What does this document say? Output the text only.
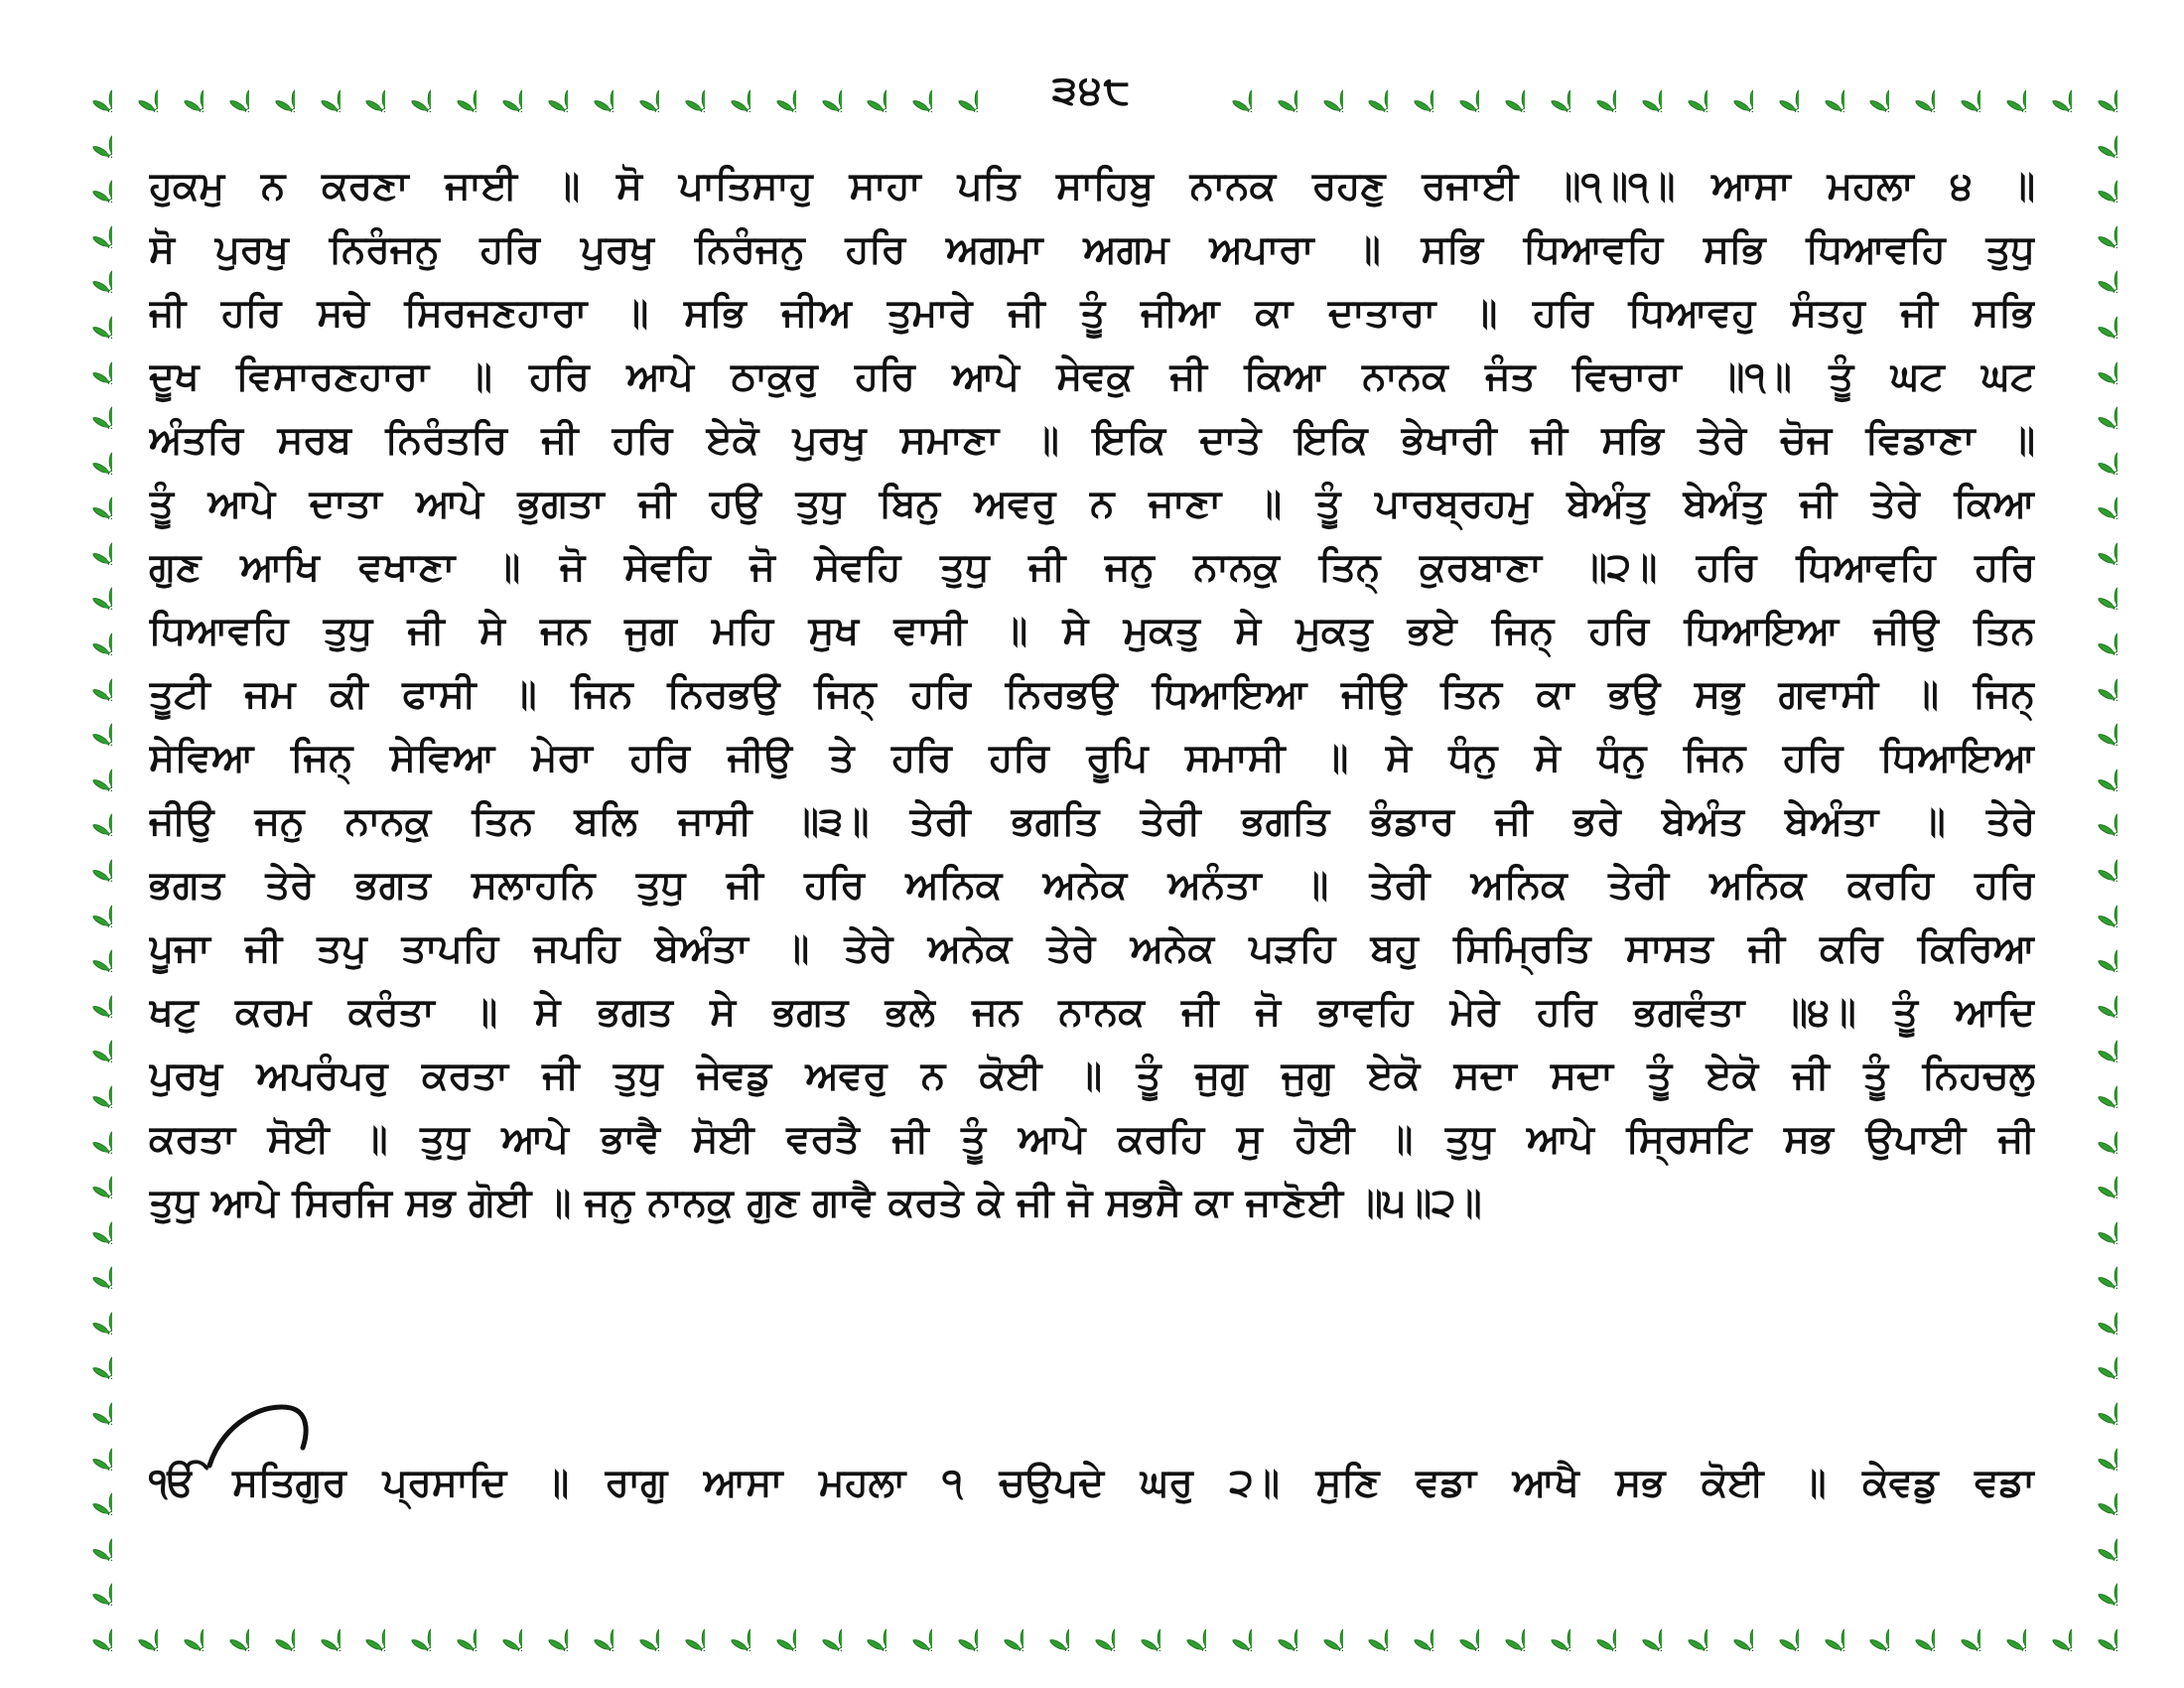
੩੪੮
ਹੁਕਮੁ ਨ ਕਰਣਾ ਜਾਈ ॥ ਸੋ ਪਾਤਿਸਾਹੁ ਸਾਹਾ ਪਤਿ ਸਾਹਿਬੁ ਨਾਨਕ ਰਹਣੁ ਰਜਾਈ ॥੧॥੧॥ ਆਸਾ ਮਹਲਾ ੪ ॥
ਸੋ ਪੁਰਖੁ ਨਿਰੰਜਨੁ ਹਰਿ ਪੁਰਖੁ ਨਿਰੰਜਨੁ ਹਰਿ ਅਗਮਾ ਅਗਮ ਅਪਾਰਾ ॥ ਸਭਿ ਧਿਆਵਹਿ ਸਭਿ ਧਿਆਵਹਿ ਤੁਧੁ
ਜੀ ਹਰਿ ਸਚੇ ਸਿਰਜਣਹਾਰਾ ॥ ਸਭਿ ਜੀਅ ਤੁਮਾਰੇ ਜੀ ਤੂੰ ਜੀਆ ਕਾ ਦਾਤਾਰਾ ॥ ਹਰਿ ਧਿਆਵਹੁ ਸੰਤਹੁ ਜੀ ਸਭਿ
ਦੂਖ ਵਿਸਾਰਣਹਾਰਾ ॥ ਹਰਿ ਆਪੇ ਠਾਕੁਰੁ ਹਰਿ ਆਪੇ ਸੇਵਕੁ ਜੀ ਕਿਆ ਨਾਨਕ ਜੰਤ ਵਿਚਾਰਾ ॥੧॥ ਤੂੰ ਘਟ ਘਟ
ਅੰਤਰਿ ਸਰਬ ਨਿਰੰਤਰਿ ਜੀ ਹਰਿ ਏਕੋ ਪੁਰਖੁ ਸਮਾਣਾ ॥ ਇਕਿ ਦਾਤੇ ਇਕਿ ਭੇਖਾਰੀ ਜੀ ਸਭਿ ਤੇਰੇ ਚੋਜ ਵਿਡਾਣਾ ॥
ਤੂੰ ਆਪੇ ਦਾਤਾ ਆਪੇ ਭੁਗਤਾ ਜੀ ਹਉ ਤੁਧੁ ਬਿਨੁ ਅਵਰੁ ਨ ਜਾਣਾ ॥ ਤੂੰ ਪਾਰਬ੍ਰਹਮੁ ਬੇਅੰਤੁ ਬੇਅੰਤੁ ਜੀ ਤੇਰੇ ਕਿਆ
ਗੁਣ ਆਖਿ ਵਖਾਣਾ ॥ ਜੋ ਸੇਵਹਿ ਜੋ ਸੇਵਹਿ ਤੁਧੁ ਜੀ ਜਨੁ ਨਾਨਕੁ ਤਿਨ੍ ਕੁਰਬਾਣਾ ॥੨॥ ਹਰਿ ਧਿਆਵਹਿ ਹਰਿ
ਧਿਆਵਹਿ ਤੁਧੁ ਜੀ ਸੇ ਜਨ ਜੁਗ ਮਹਿ ਸੁਖ ਵਾਸੀ ॥ ਸੇ ਮੁਕਤੁ ਸੇ ਮੁਕਤੁ ਭਏ ਜਿਨ੍ ਹਰਿ ਧਿਆਇਆ ਜੀਉ ਤਿਨ
ਤੂਟੀ ਜਮ ਕੀ ਫਾਸੀ ॥ ਜਿਨ ਨਿਰਭਉ ਜਿਨ੍ ਹਰਿ ਨਿਰਭਉ ਧਿਆਇਆ ਜੀਉ ਤਿਨ ਕਾ ਭਉ ਸਭੁ ਗਵਾਸੀ ॥ ਜਿਨ੍
ਸੇਵਿਆ ਜਿਨ੍ ਸੇਵਿਆ ਮੇਰਾ ਹਰਿ ਜੀਉ ਤੇ ਹਰਿ ਹਰਿ ਰੂਪਿ ਸਮਾਸੀ ॥ ਸੇ ਧੰਨੁ ਸੇ ਧੰਨੁ ਜਿਨ ਹਰਿ ਧਿਆਇਆ
ਜੀਉ ਜਨੁ ਨਾਨਕੁ ਤਿਨ ਬਲਿ ਜਾਸੀ ॥੩॥ ਤੇਰੀ ਭਗਤਿ ਤੇਰੀ ਭਗਤਿ ਭੰਡਾਰ ਜੀ ਭਰੇ ਬੇਅੰਤ ਬੇਅੰਤਾ ॥ ਤੇਰੇ
ਭਗਤ ਤੇਰੇ ਭਗਤ ਸਲਾਹਨਿ ਤੁਧੁ ਜੀ ਹਰਿ ਅਨਿਕ ਅਨੇਕ ਅਨੰਤਾ ॥ ਤੇਰੀ ਅਨਿਕ ਤੇਰੀ ਅਨਿਕ ਕਰਹਿ ਹਰਿ
ਪੂਜਾ ਜੀ ਤਪੁ ਤਾਪਹਿ ਜਪਹਿ ਬੇਅੰਤਾ ॥ ਤੇਰੇ ਅਨੇਕ ਤੇਰੇ ਅਨੇਕ ਪੜਹਿ ਬਹੁ ਸਿਮ੍ਰਿਤਿ ਸਾਸਤ ਜੀ ਕਰਿ ਕਿਰਿਆ
ਖਟੁ ਕਰਮ ਕਰੰਤਾ ॥ ਸੇ ਭਗਤ ਸੇ ਭਗਤ ਭਲੇ ਜਨ ਨਾਨਕ ਜੀ ਜੋ ਭਾਵਹਿ ਮੇਰੇ ਹਰਿ ਭਗਵੰਤਾ ॥੪॥ ਤੂੰ ਆਦਿ
ਪੁਰਖੁ ਅਪਰੰਪਰੁ ਕਰਤਾ ਜੀ ਤੁਧੁ ਜੇਵਡੁ ਅਵਰੁ ਨ ਕੋਈ ॥ ਤੂੰ ਜੁਗੁ ਜੁਗੁ ਏਕੋ ਸਦਾ ਸਦਾ ਤੂੰ ਏਕੋ ਜੀ ਤੂੰ ਨਿਹਚਲੁ
ਕਰਤਾ ਸੋਈ ॥ ਤੁਧੁ ਆਪੇ ਭਾਵੈ ਸੋਈ ਵਰਤੈ ਜੀ ਤੂੰ ਆਪੇ ਕਰਹਿ ਸੁ ਹੋਈ ॥ ਤੁਧੁ ਆਪੇ ਸ੍ਰਿਸਟਿ ਸਭ ਉਪਾਈ ਜੀ
ਤੁਧੁ ਆਪੇ ਸਿਰਜਿ ਸਭ ਗੋਈ ॥ ਜਨੁ ਨਾਨਕੁ ਗੁਣ ਗਾਵੈ ਕਰਤੇ ਕੇ ਜੀ ਜੋ ਸਭਸੈ ਕਾ ਜਾਣੋਈ ॥੫॥੨॥
ੴ ਸਤਿਗੁਰ ਪ੍ਰਸਾਦਿ ॥ ਰਾਗੁ ਆਸਾ ਮਹਲਾ ੧ ਚਉਪਦੇ ਘਰੁ ੨॥ ਸੁਣਿ ਵਡਾ ਆਖੈ ਸਭ ਕੋਈ ॥ ਕੇਵਡੁ ਵਡਾ
